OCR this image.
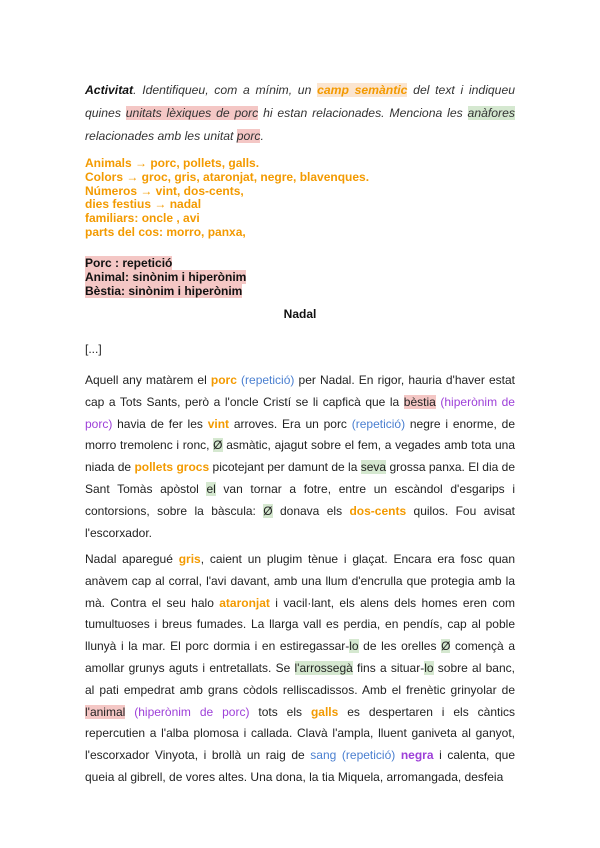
Activitat. Identifiqueu, com a mínim, un camp semàntic del text i indiqueu quines unitats lèxiques de porc hi estan relacionades. Menciona les anàfores relacionades amb les unitat porc.
Animals → porc, pollets, galls.
Colors → groc, gris, ataronjat, negre, blavenques.
Números → vint, dos-cents,
dies festius → nadal
familiars: oncle , avi
parts del cos: morro, panxa,
Porc : repetició
Animal: sinònim i hiperònim
Bèstia: sinònim i hiperònim
Nadal
[...]
Aquell any matàrem el porc (repetició) per Nadal. En rigor, hauria d'haver estat cap a Tots Sants, però a l'oncle Cristí se li capficà que la bèstia (hiperònim de porc) havia de fer les vint arroves. Era un porc (repetició) negre i enorme, de morro tremolenc i ronc, Ø asmàtic, ajagut sobre el fem, a vegades amb tota una niada de pollets grocs picotejant per damunt de la seva grossa panxa. El dia de Sant Tomàs apòstol el van tornar a fotre, entre un escàndol d'esgarips i contorsions, sobre la bàscula: Ø donava els dos-cents quilos. Fou avisat l'escorxador.
Nadal aparegué gris, caient un plugim tènue i glaçat. Encara era fosc quan anàvem cap al corral, l'avi davant, amb una llum d'encrulla que protegia amb la mà. Contra el seu halo ataronjat i vacil·lant, els alens dels homes eren com tumultuoses i breus fumades. La llarga vall es perdia, en pendís, cap al poble llunyà i la mar. El porc dormia i en estiregassar-lo de les orelles Ø començà a amollar grunys aguts i entretallats. Se l'arrossegà fins a situar-lo sobre al banc, al pati empedrat amb grans còdols relliscadissos. Amb el frenètic grinyolar de l'animal (hiperònim de porc) tots els galls es despertaren i els càntics repercutien a l'alba plomosa i callada. Clavà l'ampla, lluent ganiveta al ganyot, l'escorxador Vinyota, i brollà un raig de sang (repetició) negra i calenta, que queia al gibrell, de vores altes. Una dona, la tia Miquela, arromangada, desfeia
